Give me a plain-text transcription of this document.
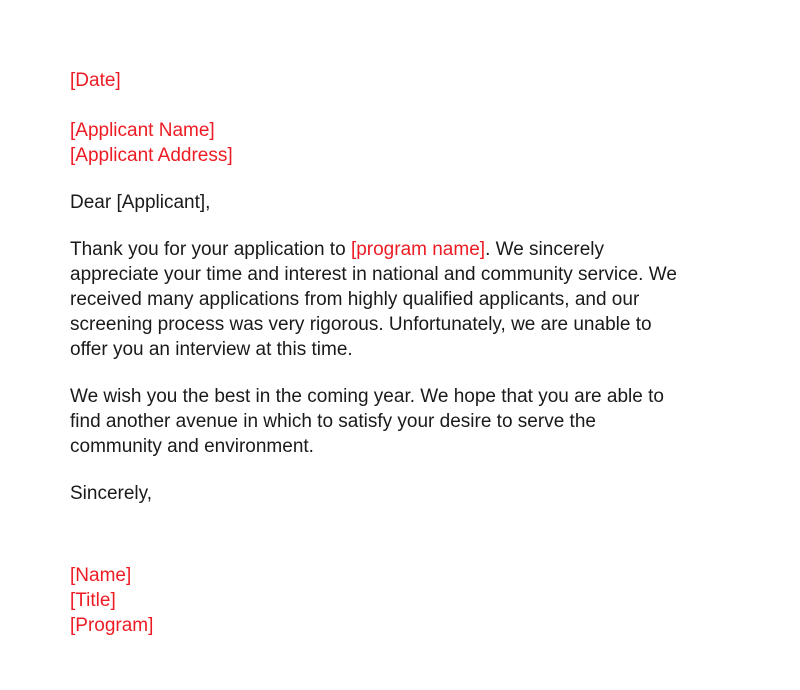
[Date]
[Applicant Name]
[Applicant Address]
Dear [Applicant],

Thank you for your application to [program name]. We sincerely appreciate your time and interest in national and community service. We received many applications from highly qualified applicants, and our screening process was very rigorous. Unfortunately, we are unable to offer you an interview at this time.

We wish you the best in the coming year. We hope that you are able to find another avenue in which to satisfy your desire to serve the community and environment.

Sincerely,
[Name]
[Title]
[Program]
